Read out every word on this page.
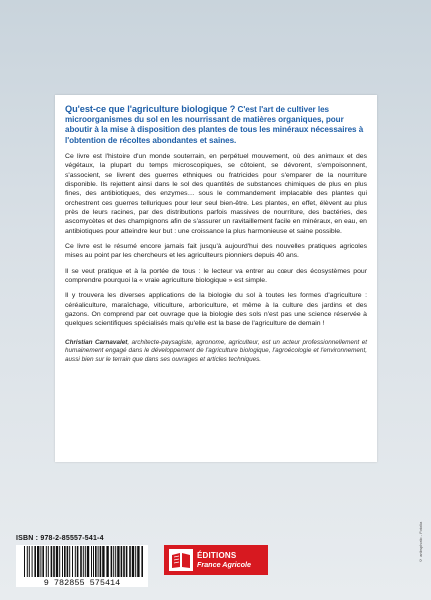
Qu'est-ce que l'agriculture biologique ? C'est l'art de cultiver les microorganismes du sol en les nourrissant de matières organiques, pour aboutir à la mise à disposition des plantes de tous les minéraux nécessaires à l'obtention de récoltes abondantes et saines.

Ce livre est l'histoire d'un monde souterrain, en perpétuel mouvement, où des animaux et des végétaux, la plupart du temps microscopiques, se côtoient, se dévorent, s'empoisonnent, s'associent, se livrent des guerres ethniques ou fratricides pour s'emparer de la nourriture disponible. Ils rejettent ainsi dans le sol des quantités de substances chimiques de plus en plus fines, des antibiotiques, des enzymes… sous le commandement implacable des plantes qui orchestrent ces guerres telluriques pour leur seul bien-être. Les plantes, en effet, élèvent au plus près de leurs racines, par des distributions parfois massives de nourriture, des bactéries, des ascomycètes et des champignons afin de s'assurer un ravitaillement facile en minéraux, en eau, en antibiotiques pour atteindre leur but : une croissance la plus harmonieuse et saine possible.

Ce livre est le résumé encore jamais fait jusqu'à aujourd'hui des nouvelles pratiques agricoles mises au point par les chercheurs et les agriculteurs pionniers depuis 40 ans.

Il se veut pratique et à la portée de tous : le lecteur va entrer au cœur des écosystèmes pour comprendre pourquoi la « vraie agriculture biologique » est simple.

Il y trouvera les diverses applications de la biologie du sol à toutes les formes d'agriculture : céréaliculture, maraîchage, viticulture, arboriculture, et même à la culture des jardins et des gazons. On comprend par cet ouvrage que la biologie des sols n'est pas une science réservée à quelques scientifiques spécialisés mais qu'elle est la base de l'agriculture de demain !

Christian Carnavalet, architecte-paysagiste, agronome, agriculteur, est un acteur professionnellement et humainement engagé dans le développement de l'agriculture biologique, l'agroécologie et l'environnement, aussi bien sur le terrain que dans ses ouvrages et articles techniques.

© artbsphotic - Fotolia
ISBN : 978-2-85557-541-4
9 782855 575414
ÉDITIONS
France Agricole
